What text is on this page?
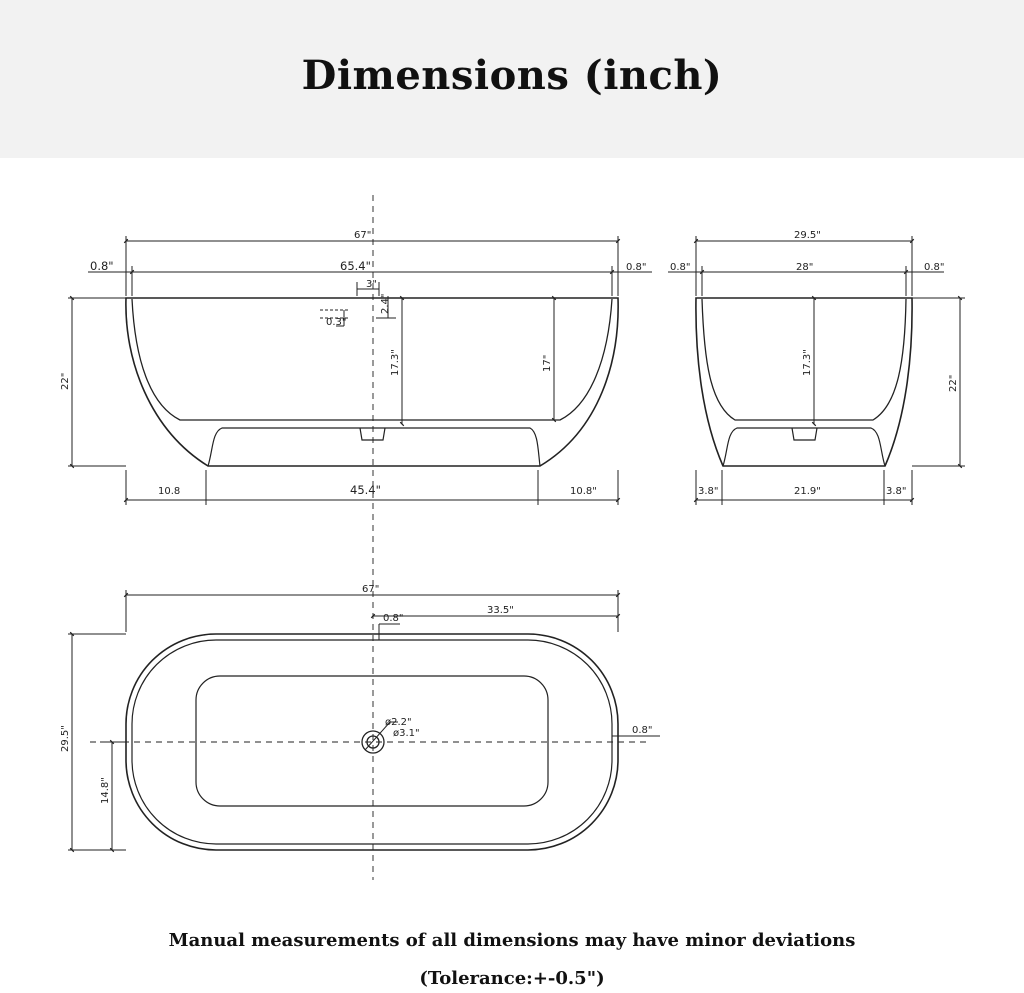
Dimensions (inch)
67"
65.4"
0.8"	0.8"
3"
2.4"
0.3"
17.3"	17"
22"
10.8	45.4"	10.8"
29.5"
28"
0.8"	0.8"
17.3"
22"
3.8"	21.9"	3.8"
67"
33.5"
0.8"
0.8"
ø2.2"
ø3.1"
29.5"
14.8"
Manual measurements of all dimensions may have minor deviations
(Tolerance:+-0.5")
